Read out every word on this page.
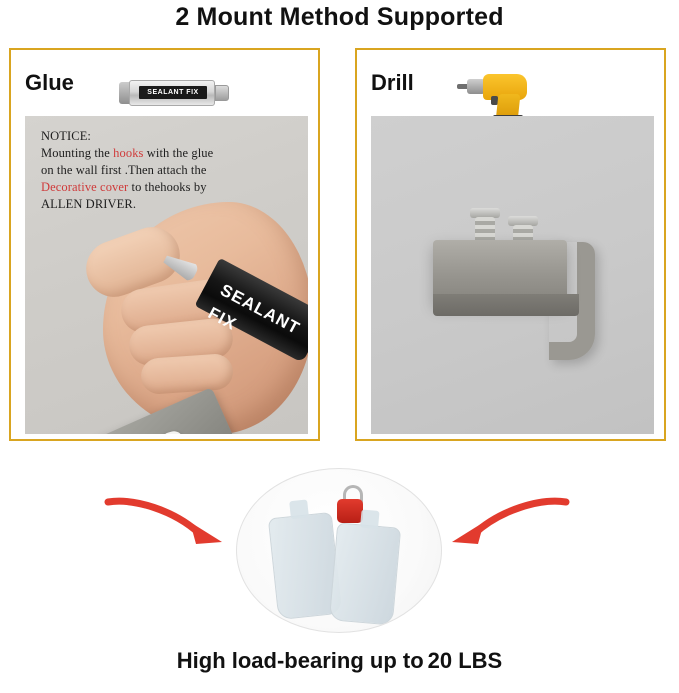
2 Mount Method Supported
Glue	SEALANT FIX
NOTICE:
Mounting the hooks with the glue
on the wall first .Then attach the
Decorative cover to thehooks by
ALLEN DRIVER.
SEALANT FIX
Drill
High load-bearing up to 20 LBS
